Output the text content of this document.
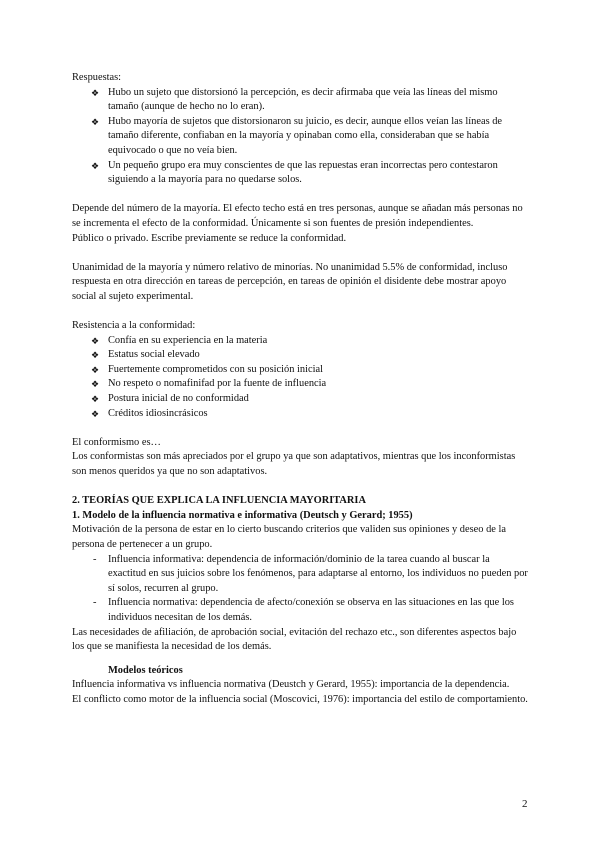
Respuestas:

❖ Hubo un sujeto que distorsionó la percepción, es decir afirmaba que veía las líneas del mismo tamaño (aunque de hecho no lo eran).
❖ Hubo mayoría de sujetos que distorsionaron su juicio, es decir, aunque ellos veían las líneas de tamaño diferente, confiaban en la mayoría y opinaban como ella, consideraban que se había equivocado o que no veía bien.
❖ Un pequeño grupo era muy conscientes de que las repuestas eran incorrectas pero contestaron siguiendo a la mayoría para no quedarse solos.

Depende del número de la mayoría. El efecto techo está en tres personas, aunque se añadan más personas no se incrementa el efecto de la conformidad. Únicamente si son fuentes de presión independientes.

Público o privado. Escribe previamente se reduce la conformidad.

Unanimidad de la mayoría y número relativo de minorías. No unanimidad 5.5% de conformidad, incluso respuesta en otra dirección en tareas de percepción, en tareas de opinión el disidente debe mostrar apoyo social al sujeto experimental.

Resistencia a la conformidad:

❖ Confía en su experiencia en la materia
❖ Estatus social elevado
❖ Fuertemente comprometidos con su posición inicial
❖ No respeto o nomafinifad por la fuente de influencia
❖ Postura inicial de no conformidad
❖ Créditos idiosincrásicos

El conformismo es…

Los conformistas son más apreciados por el grupo ya que son adaptativos, mientras que los inconformistas son menos queridos ya que no son adaptativos.

2. TEORÍAS QUE EXPLICA LA INFLUENCIA MAYORITARIA

1. Modelo de la influencia normativa e informativa (Deutsch y Gerard; 1955)

Motivación de la persona de estar en lo cierto buscando criterios que validen sus opiniones y deseo de la persona de pertenecer a un grupo.

- Influencia informativa: dependencia de información/dominio de la tarea cuando al buscar la exactitud en sus juicios sobre los fenómenos, para adaptarse al entorno, los individuos no pueden por sí solos, recurren al grupo.
- Influencia normativa: dependencia de afecto/conexión se observa en las situaciones en las que los individuos necesitan de los demás.

Las necesidades de afiliación, de aprobación social, evitación del rechazo etc., son diferentes aspectos bajo los que se manifiesta la necesidad de los demás.

Modelos teóricos

Influencia informativa vs influencia normativa (Deustch y Gerard, 1955): importancia de la dependencia.

El conflicto como motor de la influencia social (Moscovici, 1976): importancia del estilo de comportamiento.

2
